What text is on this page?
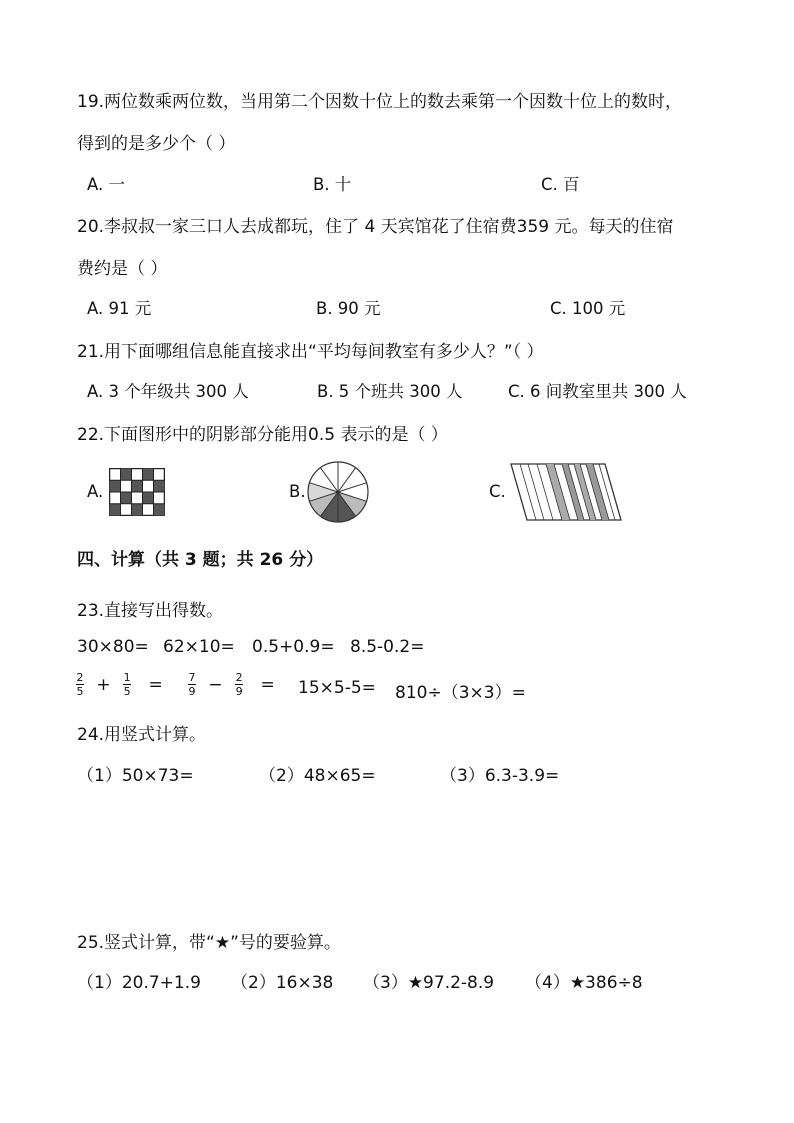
19.两位数乘两位数，当用第二个因数十位上的数去乘第一个因数十位上的数时，
得到的是多少个（ ）
A. 一	B. 十	C. 百
20.李叔叔一家三口人去成都玩，住了 4 天宾馆花了住宿费359 元。每天的住宿
费约是（ ）
A. 91 元	B. 90 元	C. 100 元
21.用下面哪组信息能直接求出“平均每间教室有多少人？”（ ）
A. 3 个年级共 300 人	B. 5 个班共 300 人	C. 6 间教室里共 300 人
22.下面图形中的阴影部分能用0.5 表示的是（ ）
A.	B.	C.
四、计算（共 3 题；共 26 分）
23.直接写出得数。
30×80= 62×10= 0.5+0.9= 8.5-0.2=
$\frac{2}{5} + \frac{1}{5} = \frac{7}{9} - \frac{2}{9} = 15\times 5-5= 810\div(3\times 3)=$
24.用竖式计算。
（1）50×73=	（2）48×65=	（3）6.3-3.9=
25.竖式计算，带“★”号的要验算。
（1）20.7+1.9 （2）16×38 （3）★97.2-8.9 （4）★386÷8
